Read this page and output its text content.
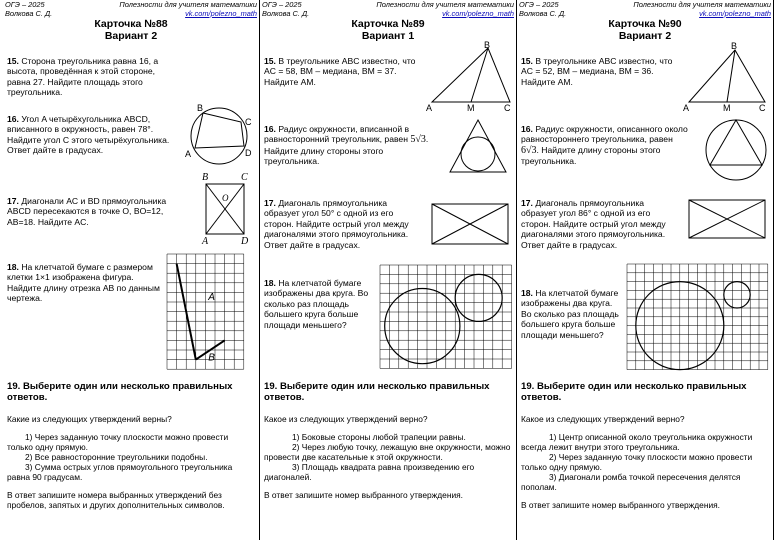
ОГЭ – 2025
Волкова С. Д.
Полезности для учителя математики
vk.com/polezno_math
Карточка №88
Вариант 2
15. Сторона треугольника равна 16, а высота, проведённая к этой стороне, равна 27. Найдите площадь этого треугольника.
16. Угол A четырёхугольника ABCD, вписанного в окружность, равен 78°. Найдите угол C этого четырёхугольника. Ответ дайте в градусах.	A
B
C
D
17. Диагонали AC и BD прямоугольника ABCD пересекаются в точке O, BO=12, AB=18. Найдите AC.
B	C
O
A	D
18. На клетчатой бумаге с размером клетки 1×1 изображена фигура. Найдите длину отрезка AB по данным чертежа.	A
B
19. Выберите один или несколько правильных ответов.

Какие из следующих утверждений верны?

1) Через заданную точку плоскости можно провести только одну прямую.

2) Все равносторонние треугольники подобны.

3) Сумма острых углов прямоугольного треугольника равна 90 градусам.

В ответ запишите номера выбранных утверждений без пробелов, запятых и других дополнительных символов.

ОГЭ – 2025
Волкова С. Д.
Полезности для учителя математики
vk.com/polezno_math
Карточка №89
Вариант 1
15. В треугольнике ABC известно, что AC = 58, BM – медиана, BM = 37. Найдите AM.
B
A	M	C
16. Радиус окружности, вписанной в равносторонний треугольник, равен 5√3. Найдите длину стороны этого треугольника.
17. Диагональ прямоугольника образует угол 50° с одной из его сторон. Найдите острый угол между диагоналями этого прямоугольника. Ответ дайте в градусах.
18. На клетчатой бумаге изображены два круга. Во сколько раз площадь большего круга больше площади меньшего?
19. Выберите один или несколько правильных ответов.

Какое из следующих утверждений верно?

1) Боковые стороны любой трапеции равны.

2) Через любую точку, лежащую вне окружности, можно провести две касательные к этой окружности.

3) Площадь квадрата равна произведению его диагоналей.

В ответ запишите номер выбранного утверждения.

ОГЭ – 2025
Волкова С. Д.
Полезности для учителя математики
vk.com/polezno_math
Карточка №90
Вариант 2
15. В треугольнике ABC известно, что AC = 52, BM – медиана, BM = 36. Найдите AM.
B
A	M	C
16. Радиус окружности, описанного около равностороннего треугольника, равен 6√3. Найдите длину стороны этого треугольника.
17. Диагональ прямоугольника образует угол 86° с одной из его сторон. Найдите острый угол между диагоналями этого прямоугольника. Ответ дайте в градусах.
18. На клетчатой бумаге изображены два круга. Во сколько раз площадь большего круга больше площади меньшего?
19. Выберите один или несколько правильных ответов.

Какое из следующих утверждений верно?

1) Центр описанной около треугольника окружности всегда лежит внутри этого треугольника.

2) Через заданную точку плоскости можно провести только одну прямую.

3) Диагонали ромба точкой пересечения делятся пополам.

В ответ запишите номер выбранного утверждения.
